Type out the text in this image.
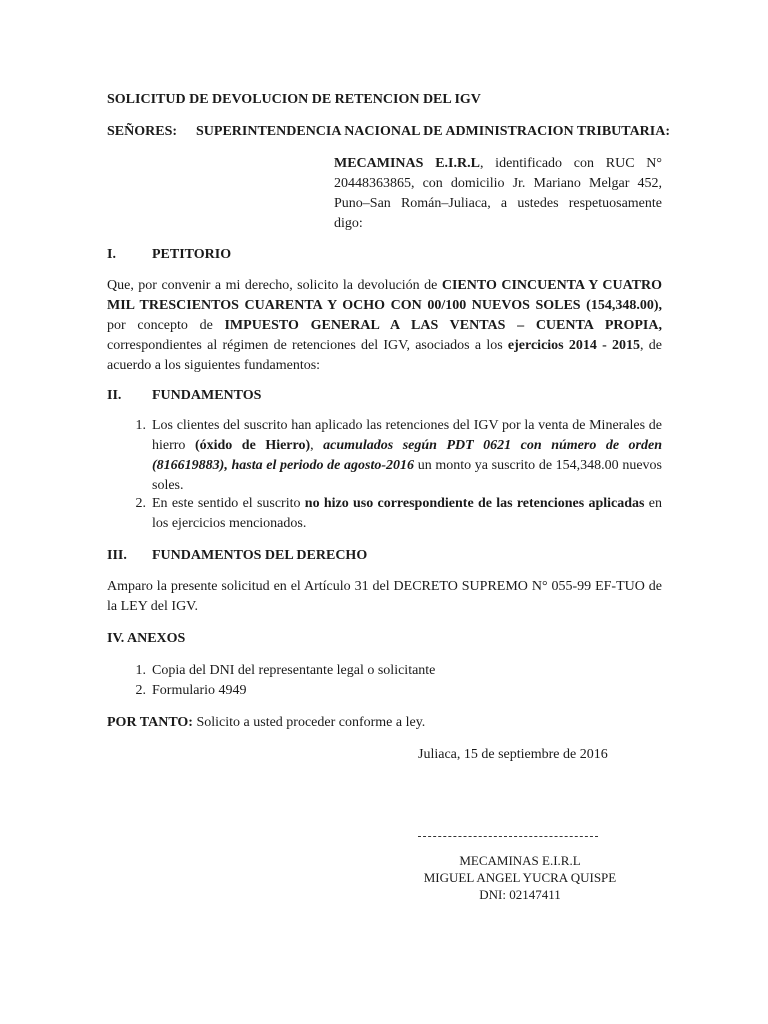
SOLICITUD DE DEVOLUCION DE RETENCION DEL IGV
SEÑORES: SUPERINTENDENCIA NACIONAL DE ADMINISTRACION TRIBUTARIA:
MECAMINAS E.I.R.L, identificado con RUC N° 20448363865, con domicilio Jr. Mariano Melgar 452, Puno–San Román–Juliaca, a ustedes respetuosamente digo:
I.	PETITORIO
Que, por convenir a mi derecho, solicito la devolución de CIENTO CINCUENTA Y CUATRO MIL TRESCIENTOS CUARENTA Y OCHO CON 00/100 NUEVOS SOLES (154,348.00), por concepto de IMPUESTO GENERAL A LAS VENTAS – CUENTA PROPIA, correspondientes al régimen de retenciones del IGV, asociados a los ejercicios 2014 - 2015, de acuerdo a los siguientes fundamentos:
II. FUNDAMENTOS
1. Los clientes del suscrito han aplicado las retenciones del IGV por la venta de Minerales de hierro (óxido de Hierro), acumulados según PDT 0621 con número de orden (816619883), hasta el periodo de agosto-2016 un monto ya suscrito de 154,348.00 nuevos soles.
2. En este sentido el suscrito no hizo uso correspondiente de las retenciones aplicadas en los ejercicios mencionados.
III. FUNDAMENTOS DEL DERECHO
Amparo la presente solicitud en el Artículo 31 del DECRETO SUPREMO N° 055-99 EF-TUO de la LEY del IGV.
IV. ANEXOS
1. Copia del DNI del representante legal o solicitante
2. Formulario 4949
POR TANTO: Solicito a usted proceder conforme a ley.
Juliaca, 15 de septiembre de 2016
MECAMINAS E.I.R.L
MIGUEL ANGEL YUCRA QUISPE
DNI: 02147411
